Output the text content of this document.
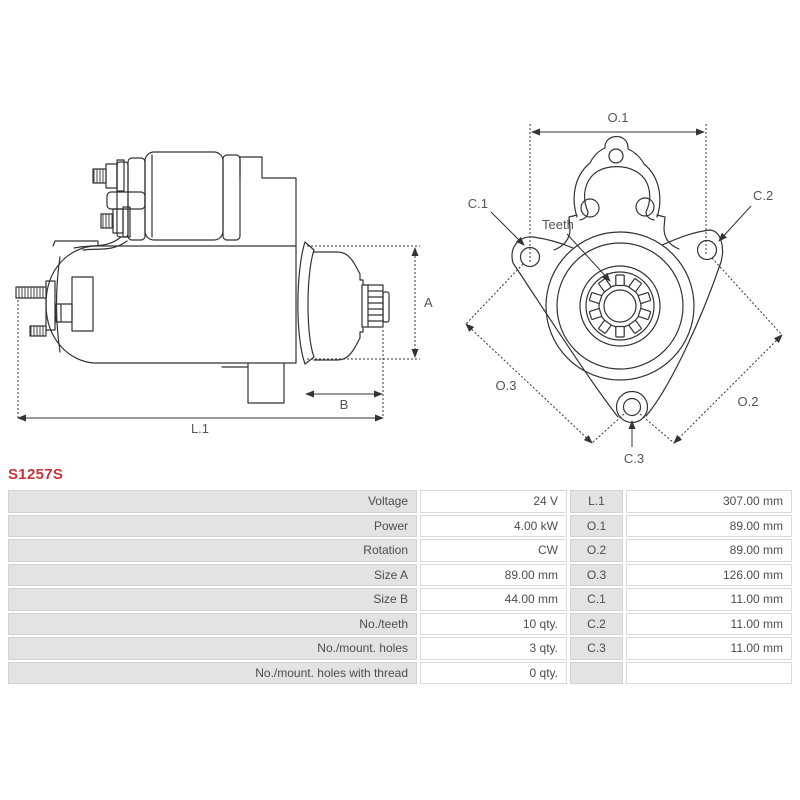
A
B
L.1
O.1
C.1
C.2
Teeth
C.3
O.3
O.2
S1257S
Voltage	24 V	L.1	307.00 mm
Power	4.00 kW	O.1	89.00 mm
Rotation	CW	O.2	89.00 mm
Size A	89.00 mm	O.3	126.00 mm
Size B	44.00 mm	C.1	11.00 mm
No./teeth	10 qty.	C.2	11.00 mm
No./mount. holes	3 qty.	C.3	11.00 mm
No./mount. holes with thread	0 qty.
